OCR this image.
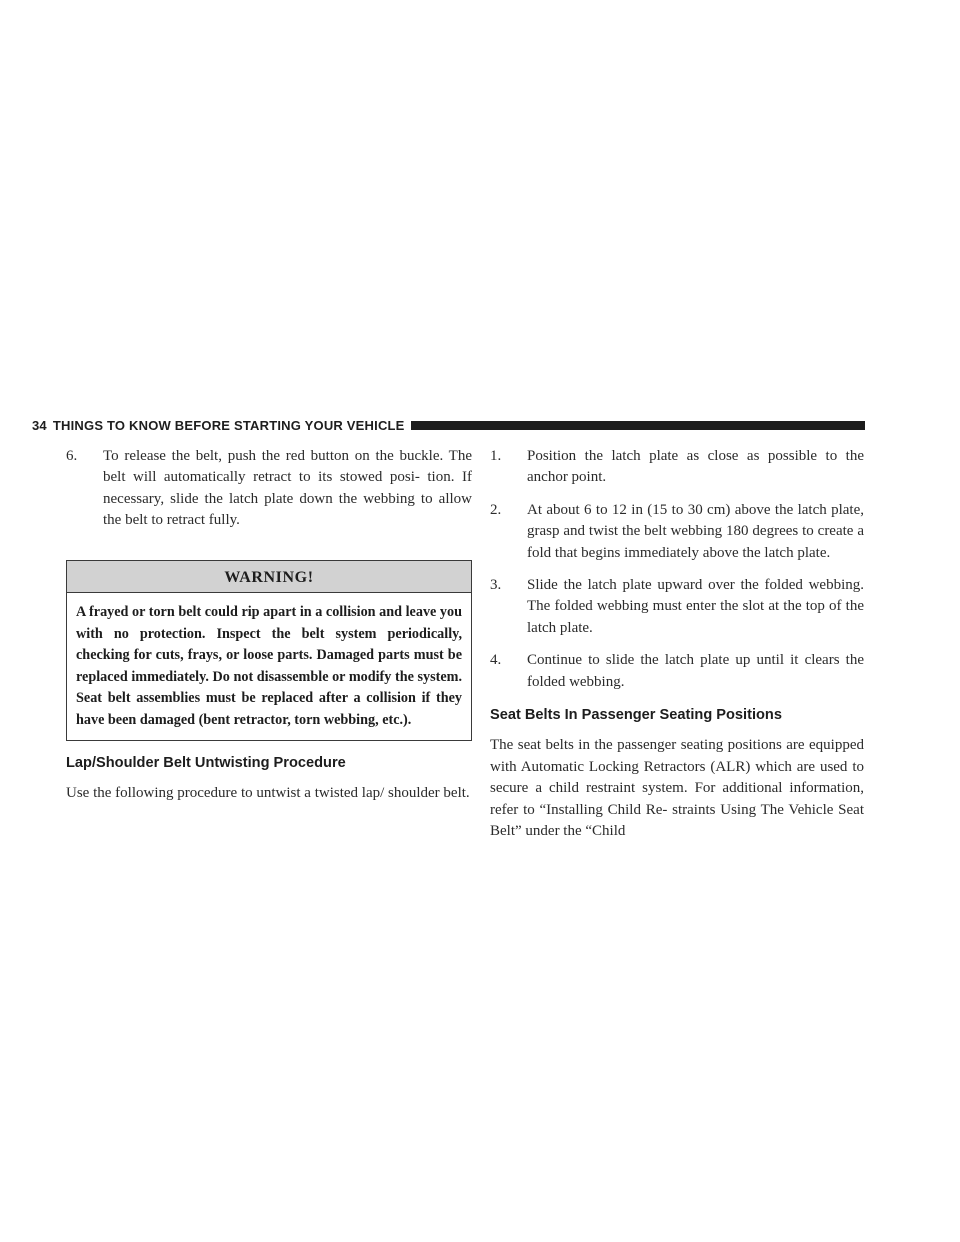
34 THINGS TO KNOW BEFORE STARTING YOUR VEHICLE
6.	To release the belt, push the red button on the buckle. The belt will automatically retract to its stowed posi- tion. If necessary, slide the latch plate down the webbing to allow the belt to retract fully.
WARNING!
A frayed or torn belt could rip apart in a collision and leave you with no protection. Inspect the belt system periodically, checking for cuts, frays, or loose parts. Damaged parts must be replaced immediately. Do not disassemble or modify the system. Seat belt assemblies must be replaced after a collision if they have been damaged (bent retractor, torn webbing, etc.).
Lap/Shoulder Belt Untwisting Procedure

Use the following procedure to untwist a twisted lap/ shoulder belt.

1.	Position the latch plate as close as possible to the anchor point.
2.	At about 6 to 12 in (15 to 30 cm) above the latch plate, grasp and twist the belt webbing 180 degrees to create a fold that begins immediately above the latch plate.
3.	Slide the latch plate upward over the folded webbing. The folded webbing must enter the slot at the top of the latch plate.
4.	Continue to slide the latch plate up until it clears the folded webbing.
Seat Belts In Passenger Seating Positions

The seat belts in the passenger seating positions are equipped with Automatic Locking Retractors (ALR) which are used to secure a child restraint system. For additional information, refer to “Installing Child Re- straints Using The Vehicle Seat Belt” under the “Child
